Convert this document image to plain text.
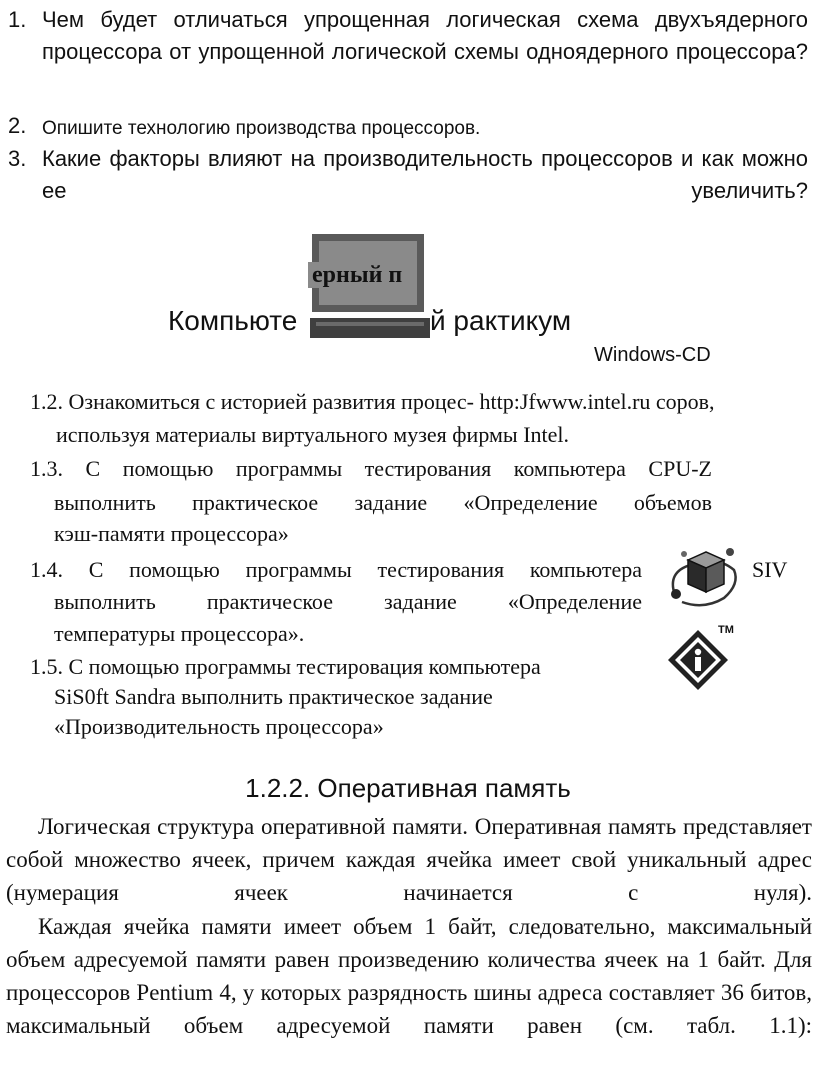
1. Чем будет отличаться упрощенная логическая схема двухъядерного процессора от упрощенной логической схемы одноядерного процессора?
2. Опишите технологию производства процессоров.
3. Какие факторы влияют на производительность процессоров и как можно ее увеличить?
ерный п
Компьюте	й рактикум
Windows-CD
1.2. Ознакомиться с историей развития процес- http:Jfwww.intel.ru соров,
используя материалы виртуального музея фирмы Intel.
1.3. С помощью программы тестирования компьютера CPU-Z
выполнить практическое задание «Определение объемов
кэш-памяти процессора»
1.4. С помощью программы тестирования компьютера	SIV
выполнить практическое задание «Определение
температуры процессора».
1.5. С помощью программы тестировация компьютера
SiS0ft Sandra выполнить практическое задание
«Производительность процессора»
TM
1.2.2. Оперативная память
Логическая структура оперативной памяти. Оперативная память представляет собой множество ячеек, причем каждая ячейка имеет свой уникальный адрес (нумерация ячеек начинается с нуля).
Каждая ячейка памяти имеет объем 1 байт, следовательно, максимальный объем адресуемой памяти равен произведению количества ячеек на 1 байт. Для процессоров Pentium 4, у которых разрядность шины адреса составляет 36 битов, максимальный объем адресуемой памяти равен (см. табл. 1.1):
